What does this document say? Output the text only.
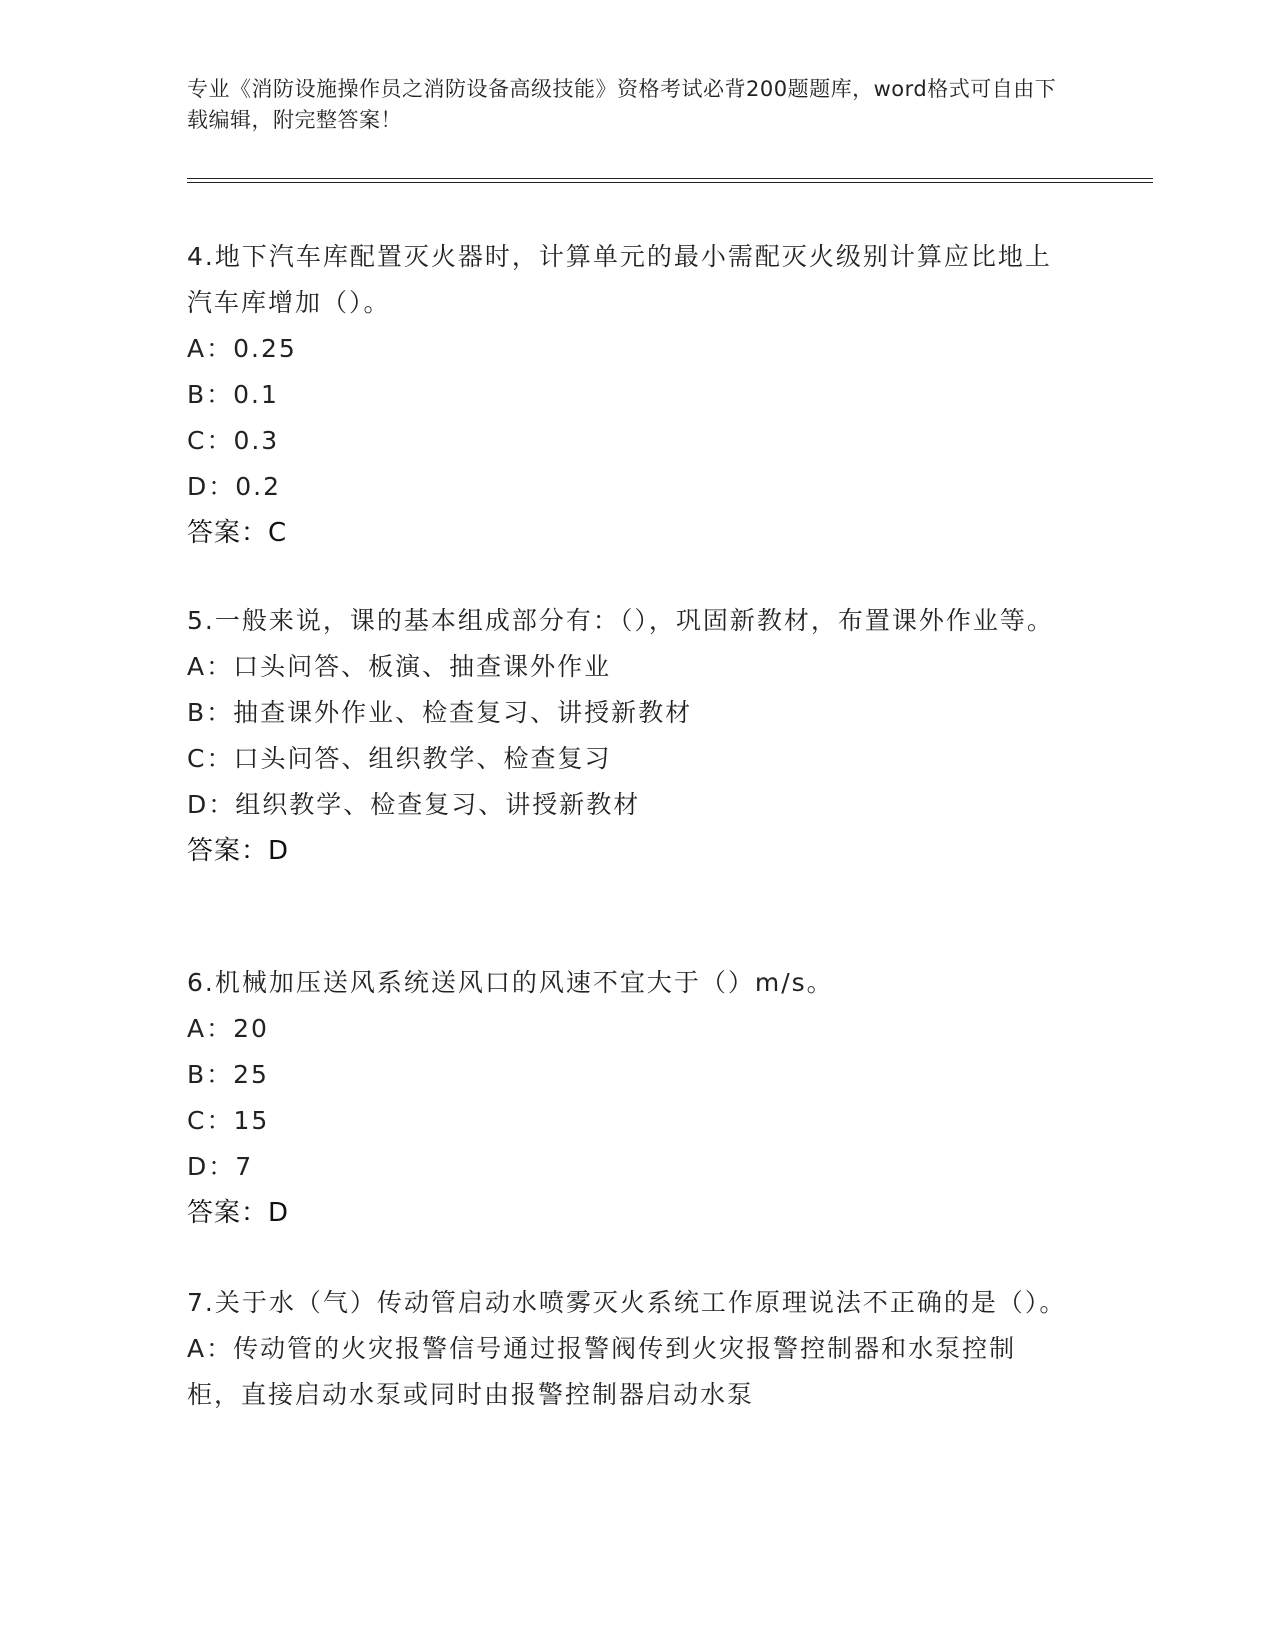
专业《消防设施操作员之消防设备高级技能》资格考试必背200题题库，word格式可自由下载编辑，附完整答案！
4.地下汽车库配置灭火器时，计算单元的最小需配灭火级别计算应比地上汽车库增加（）。
A：0.25
B：0.1
C：0.3
D：0.2
答案：C
5.一般来说，课的基本组成部分有：（），巩固新教材，布置课外作业等。
A：口头问答、板演、抽查课外作业
B：抽查课外作业、检查复习、讲授新教材
C：口头问答、组织教学、检查复习
D：组织教学、检查复习、讲授新教材
答案：D
6.机械加压送风系统送风口的风速不宜大于（）m/s。
A：20
B：25
C：15
D：7
答案：D
7.关于水（气）传动管启动水喷雾灭火系统工作原理说法不正确的是（）。
A：传动管的火灾报警信号通过报警阀传到火灾报警控制器和水泵控制柜，直接启动水泵或同时由报警控制器启动水泵
